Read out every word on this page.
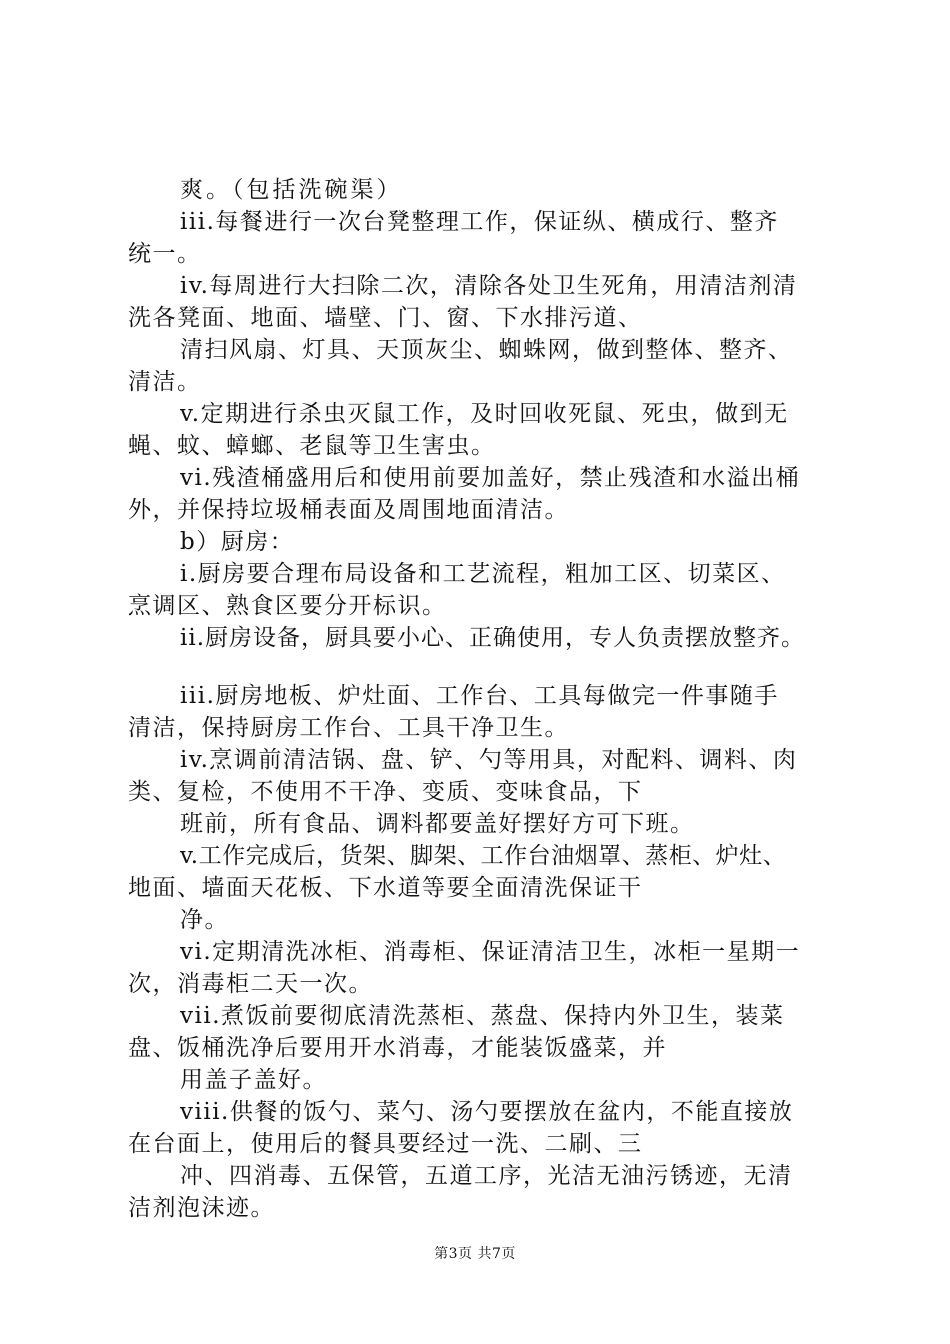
爽。（包括洗碗渠）
iii.每餐进行一次台凳整理工作，保证纵、横成行、整齐
统一。
iv.每周进行大扫除二次，清除各处卫生死角，用清洁剂清
洗各凳面、地面、墙壁、门、窗、下水排污道、
清扫风扇、灯具、天顶灰尘、蜘蛛网，做到整体、整齐、
清洁。
v.定期进行杀虫灭鼠工作，及时回收死鼠、死虫，做到无
蝇、蚊、蟑螂、老鼠等卫生害虫。
vi.残渣桶盛用后和使用前要加盖好，禁止残渣和水溢出桶
外，并保持垃圾桶表面及周围地面清洁。
b）厨房：
i.厨房要合理布局设备和工艺流程，粗加工区、切菜区、
烹调区、熟食区要分开标识。
ii.厨房设备，厨具要小心、正确使用，专人负责摆放整齐。
iii.厨房地板、炉灶面、工作台、工具每做完一件事随手
清洁，保持厨房工作台、工具干净卫生。
iv.烹调前清洁锅、盘、铲、勺等用具，对配料、调料、肉
类、复检，不使用不干净、变质、变味食品，下
班前，所有食品、调料都要盖好摆好方可下班。
v.工作完成后，货架、脚架、工作台油烟罩、蒸柜、炉灶、
地面、墙面天花板、下水道等要全面清洗保证干
净。
vi.定期清洗冰柜、消毒柜、保证清洁卫生，冰柜一星期一
次，消毒柜二天一次。
vii.煮饭前要彻底清洗蒸柜、蒸盘、保持内外卫生，装菜
盘、饭桶洗净后要用开水消毒，才能装饭盛菜，并
用盖子盖好。
viii.供餐的饭勺、菜勺、汤勺要摆放在盆内，不能直接放
在台面上，使用后的餐具要经过一洗、二刷、三
冲、四消毒、五保管，五道工序，光洁无油污锈迹，无清
洁剂泡沫迹。
第3页 共7页
